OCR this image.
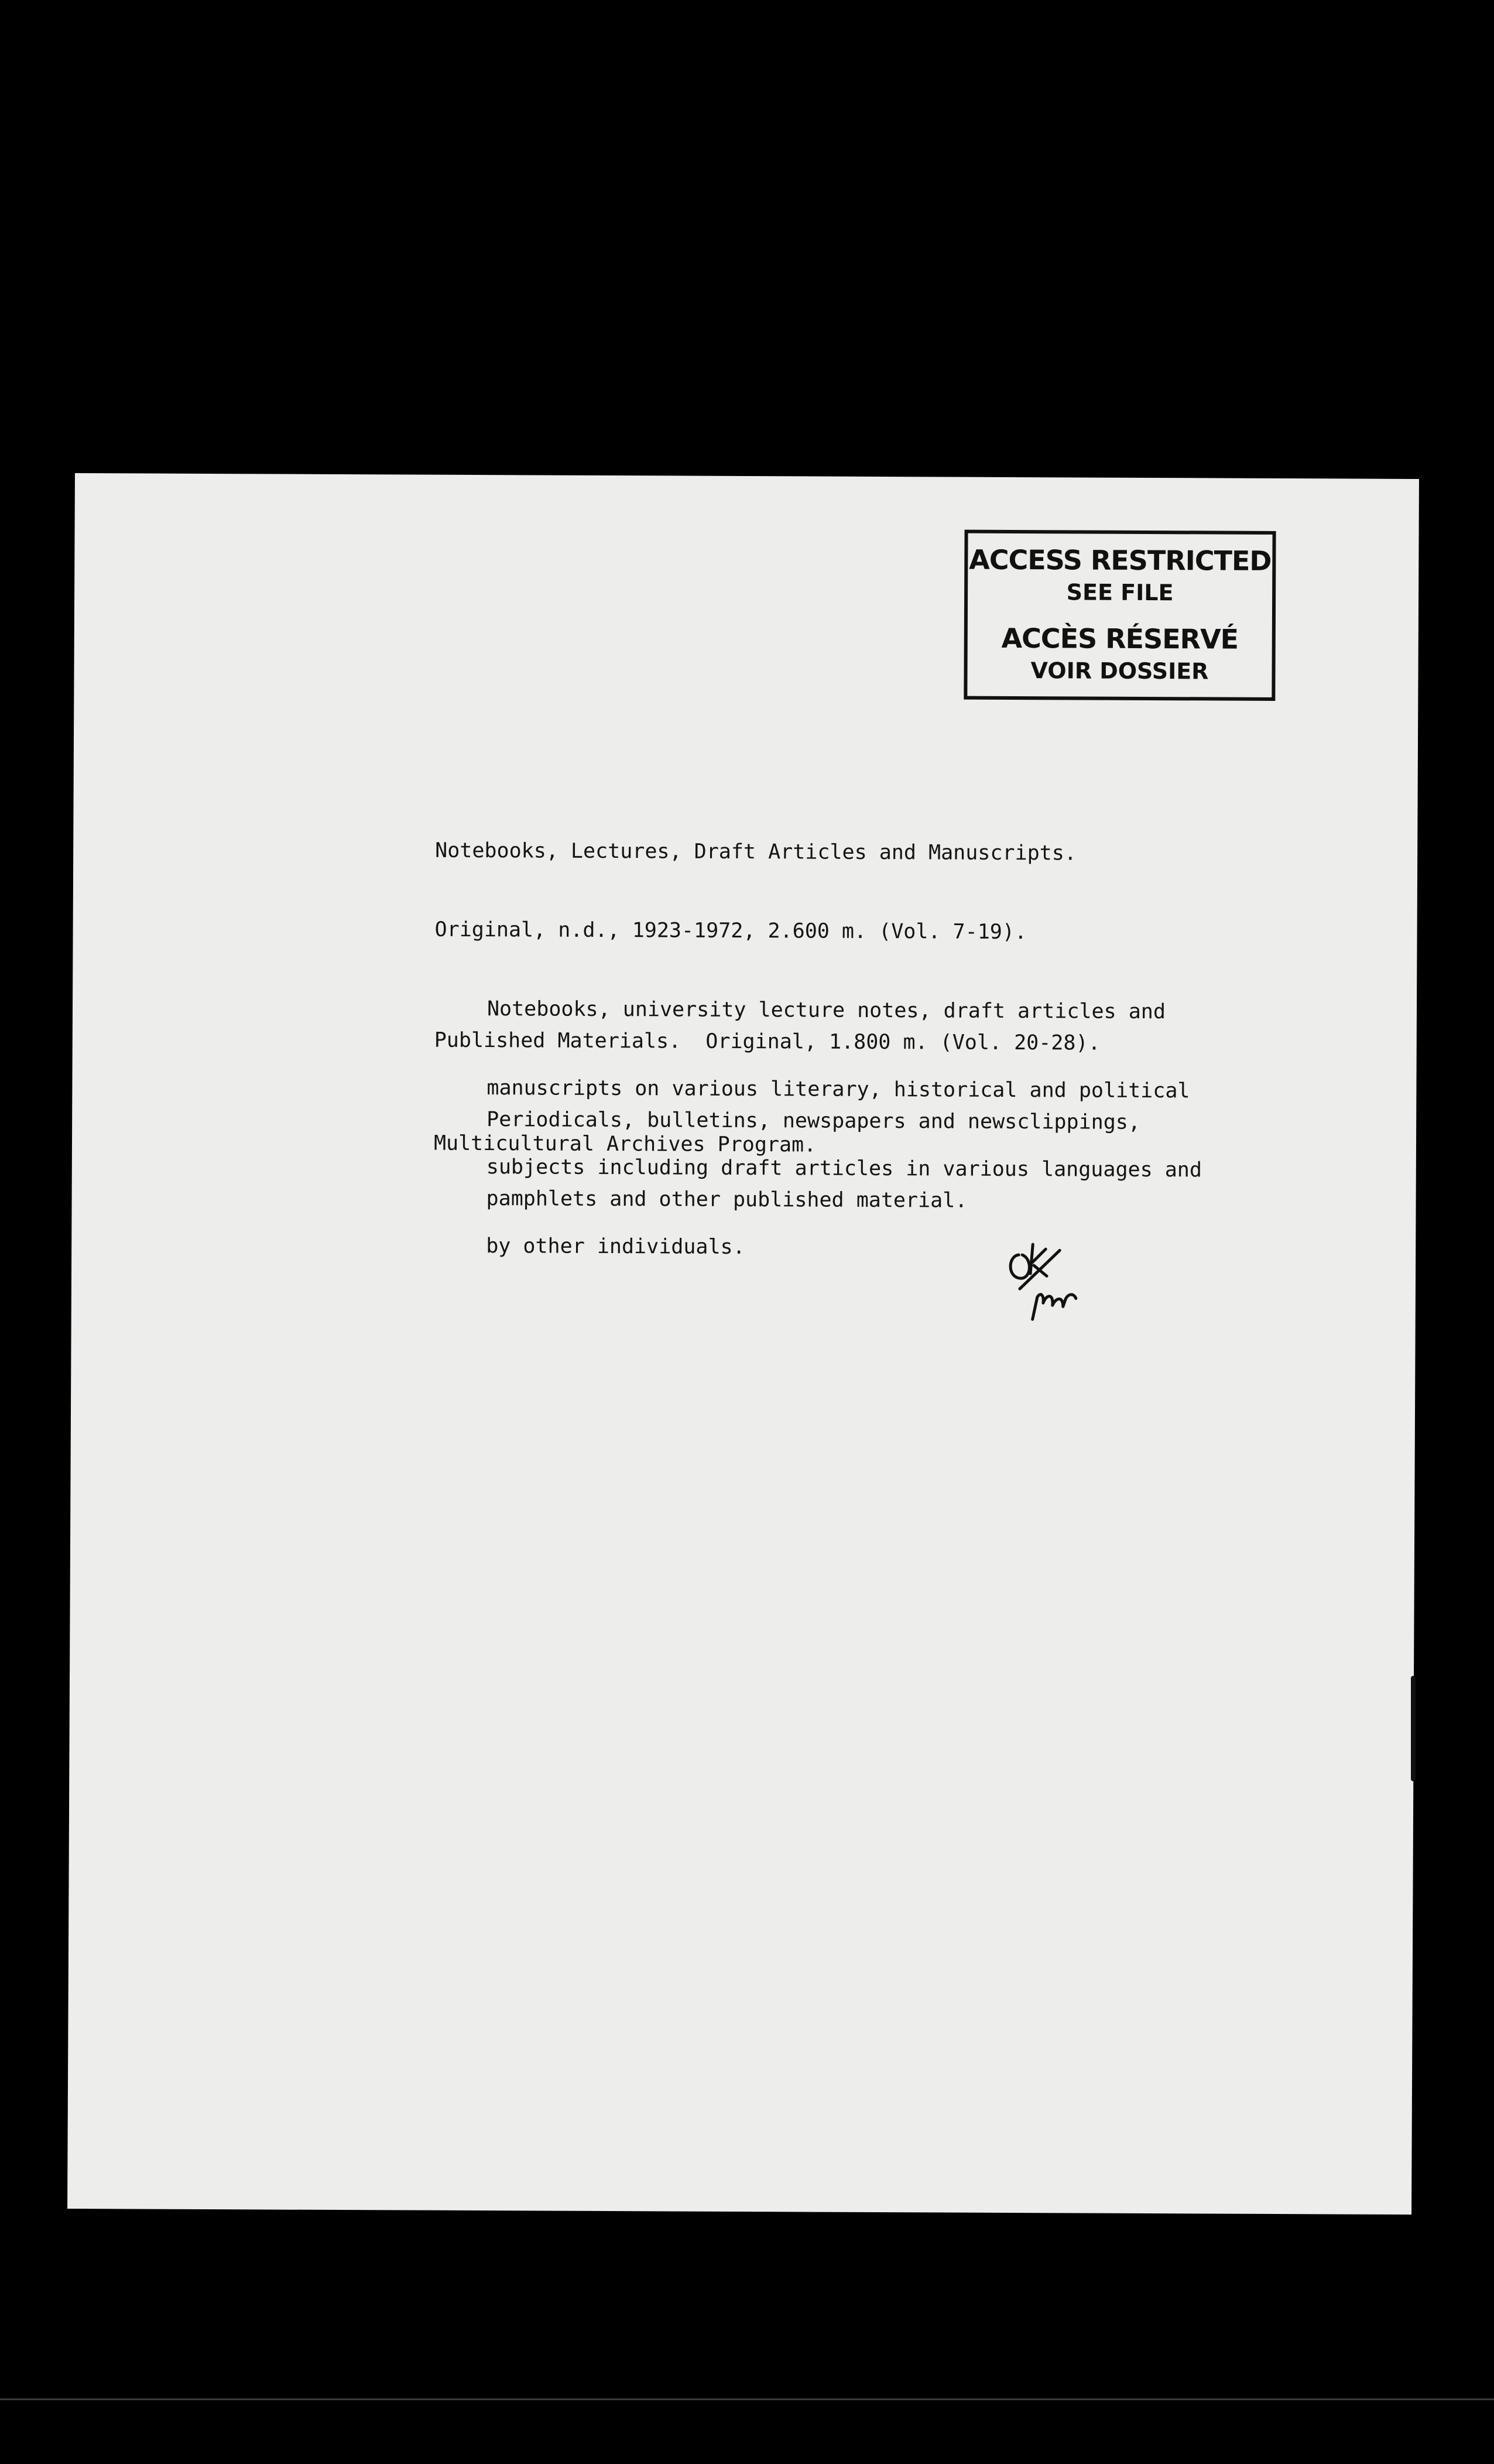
ACCESS RESTRICTED
SEE FILE
ACCÈS RÉSERVÉ
VOIR DOSSIER

Notebooks, Lectures, Draft Articles and Manuscripts.

Original, n.d., 1923-1972, 2.600 m. (Vol. 7-19).

Notebooks, university lecture notes, draft articles and

manuscripts on various literary, historical and political

subjects including draft articles in various languages and

by other individuals.

Published Materials.  Original, 1.800 m. (Vol. 20-28).

Periodicals, bulletins, newspapers and newsclippings,

pamphlets and other published material.

Multicultural Archives Program.
